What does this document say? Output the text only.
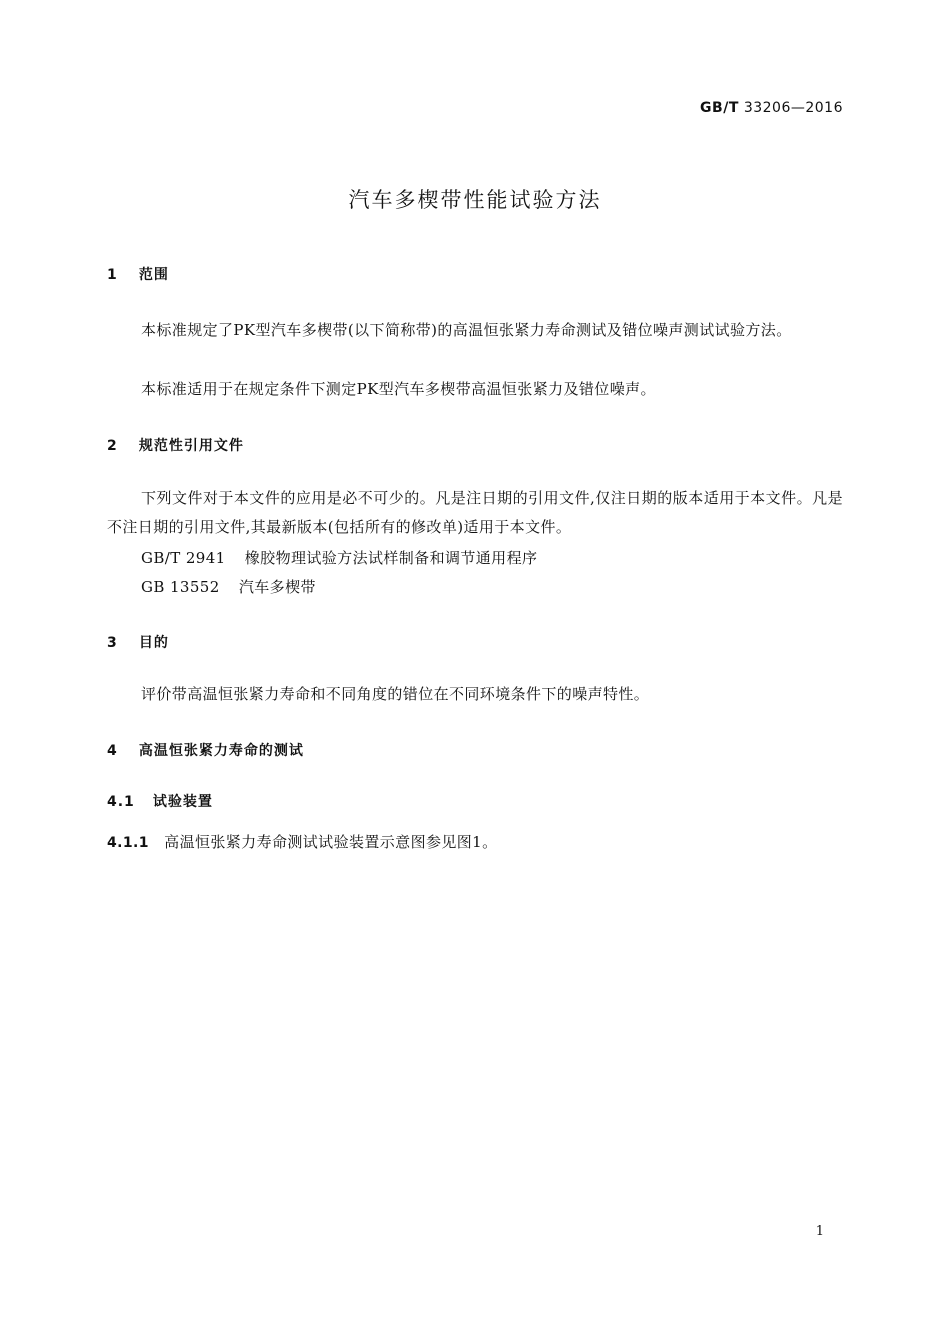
GB/T 33206—2016
汽车多楔带性能试验方法
1 范围
本标准规定了PK型汽车多楔带(以下简称带)的高温恒张紧力寿命测试及错位噪声测试试验方法。
本标准适用于在规定条件下测定PK型汽车多楔带高温恒张紧力及错位噪声。
2 规范性引用文件
下列文件对于本文件的应用是必不可少的。凡是注日期的引用文件,仅注日期的版本适用于本文件。凡是不注日期的引用文件,其最新版本(包括所有的修改单)适用于本文件。
GB/T 2941 橡胶物理试验方法试样制备和调节通用程序
GB 13552 汽车多楔带
3 目的
评价带高温恒张紧力寿命和不同角度的错位在不同环境条件下的噪声特性。
4 高温恒张紧力寿命的测试
4.1 试验装置
4.1.1 高温恒张紧力寿命测试试验装置示意图参见图1。
1
